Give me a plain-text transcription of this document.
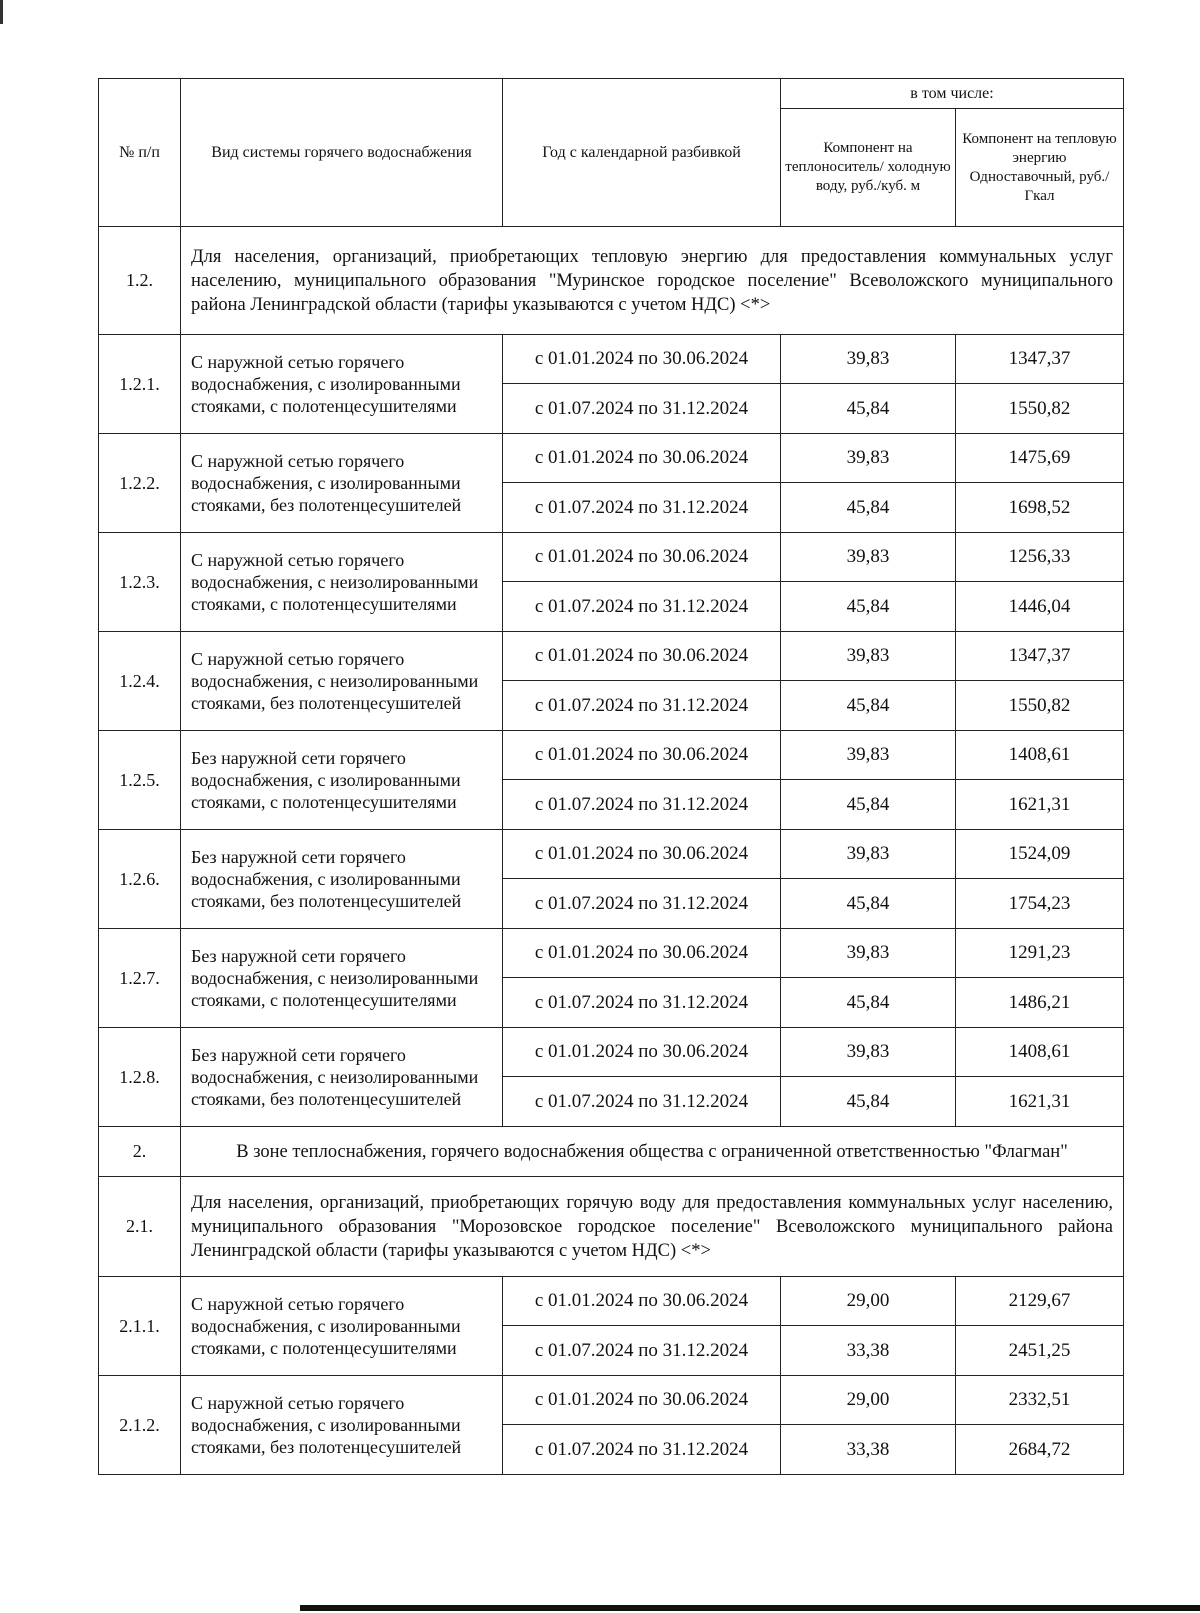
№ п/п	Вид системы горячего водоснабжения	Год с календарной разбивкой	в том числе:	
			Компонент на теплоноситель/ холодную воду, руб./куб. м	Компонент на тепловую энергию
Одноставочный, руб./Гкал
1.2.	Для населения, организаций, приобретающих тепловую энергию для предоставления коммунальных услуг населению, муниципального образования "Муринское городское поселение" Всеволожского муниципального района Ленинградской области (тарифы указываются с учетом НДС) <*>			
1.2.1.	С наружной сетью горячего водоснабжения, с изолированными стояками, с полотенцесушителями	с 01.01.2024 по 30.06.2024	39,83	1347,37
		с 01.07.2024 по 31.12.2024	45,84	1550,82
1.2.2.	С наружной сетью горячего водоснабжения, с изолированными стояками, без полотенцесушителей	с 01.01.2024 по 30.06.2024	39,83	1475,69
		с 01.07.2024 по 31.12.2024	45,84	1698,52
1.2.3.	С наружной сетью горячего водоснабжения, с неизолированными стояками, с полотенцесушителями	с 01.01.2024 по 30.06.2024	39,83	1256,33
		с 01.07.2024 по 31.12.2024	45,84	1446,04
1.2.4.	С наружной сетью горячего водоснабжения, с неизолированными стояками, без полотенцесушителей	с 01.01.2024 по 30.06.2024	39,83	1347,37
		с 01.07.2024 по 31.12.2024	45,84	1550,82
1.2.5.	Без наружной сети горячего водоснабжения, с изолированными стояками, с полотенцесушителями	с 01.01.2024 по 30.06.2024	39,83	1408,61
		с 01.07.2024 по 31.12.2024	45,84	1621,31
1.2.6.	Без наружной сети горячего водоснабжения, с изолированными стояками, без полотенцесушителей	с 01.01.2024 по 30.06.2024	39,83	1524,09
		с 01.07.2024 по 31.12.2024	45,84	1754,23
1.2.7.	Без наружной сети горячего водоснабжения, с неизолированными стояками, с полотенцесушителями	с 01.01.2024 по 30.06.2024	39,83	1291,23
		с 01.07.2024 по 31.12.2024	45,84	1486,21
1.2.8.	Без наружной сети горячего водоснабжения, с неизолированными стояками, без полотенцесушителей	с 01.01.2024 по 30.06.2024	39,83	1408,61
		с 01.07.2024 по 31.12.2024	45,84	1621,31
2.	В зоне теплоснабжения, горячего водоснабжения общества с ограниченной ответственностью "Флагман"			
2.1.	Для населения, организаций, приобретающих горячую воду для предоставления коммунальных услуг населению, муниципального образования "Морозовское городское поселение" Всеволожского муниципального района Ленинградской области (тарифы указываются с учетом НДС) <*>			
2.1.1.	С наружной сетью горячего водоснабжения, с изолированными стояками, с полотенцесушителями	с 01.01.2024 по 30.06.2024	29,00	2129,67
		с 01.07.2024 по 31.12.2024	33,38	2451,25
2.1.2.	С наружной сетью горячего водоснабжения, с изолированными стояками, без полотенцесушителей	с 01.01.2024 по 30.06.2024	29,00	2332,51
		с 01.07.2024 по 31.12.2024	33,38	2684,72
